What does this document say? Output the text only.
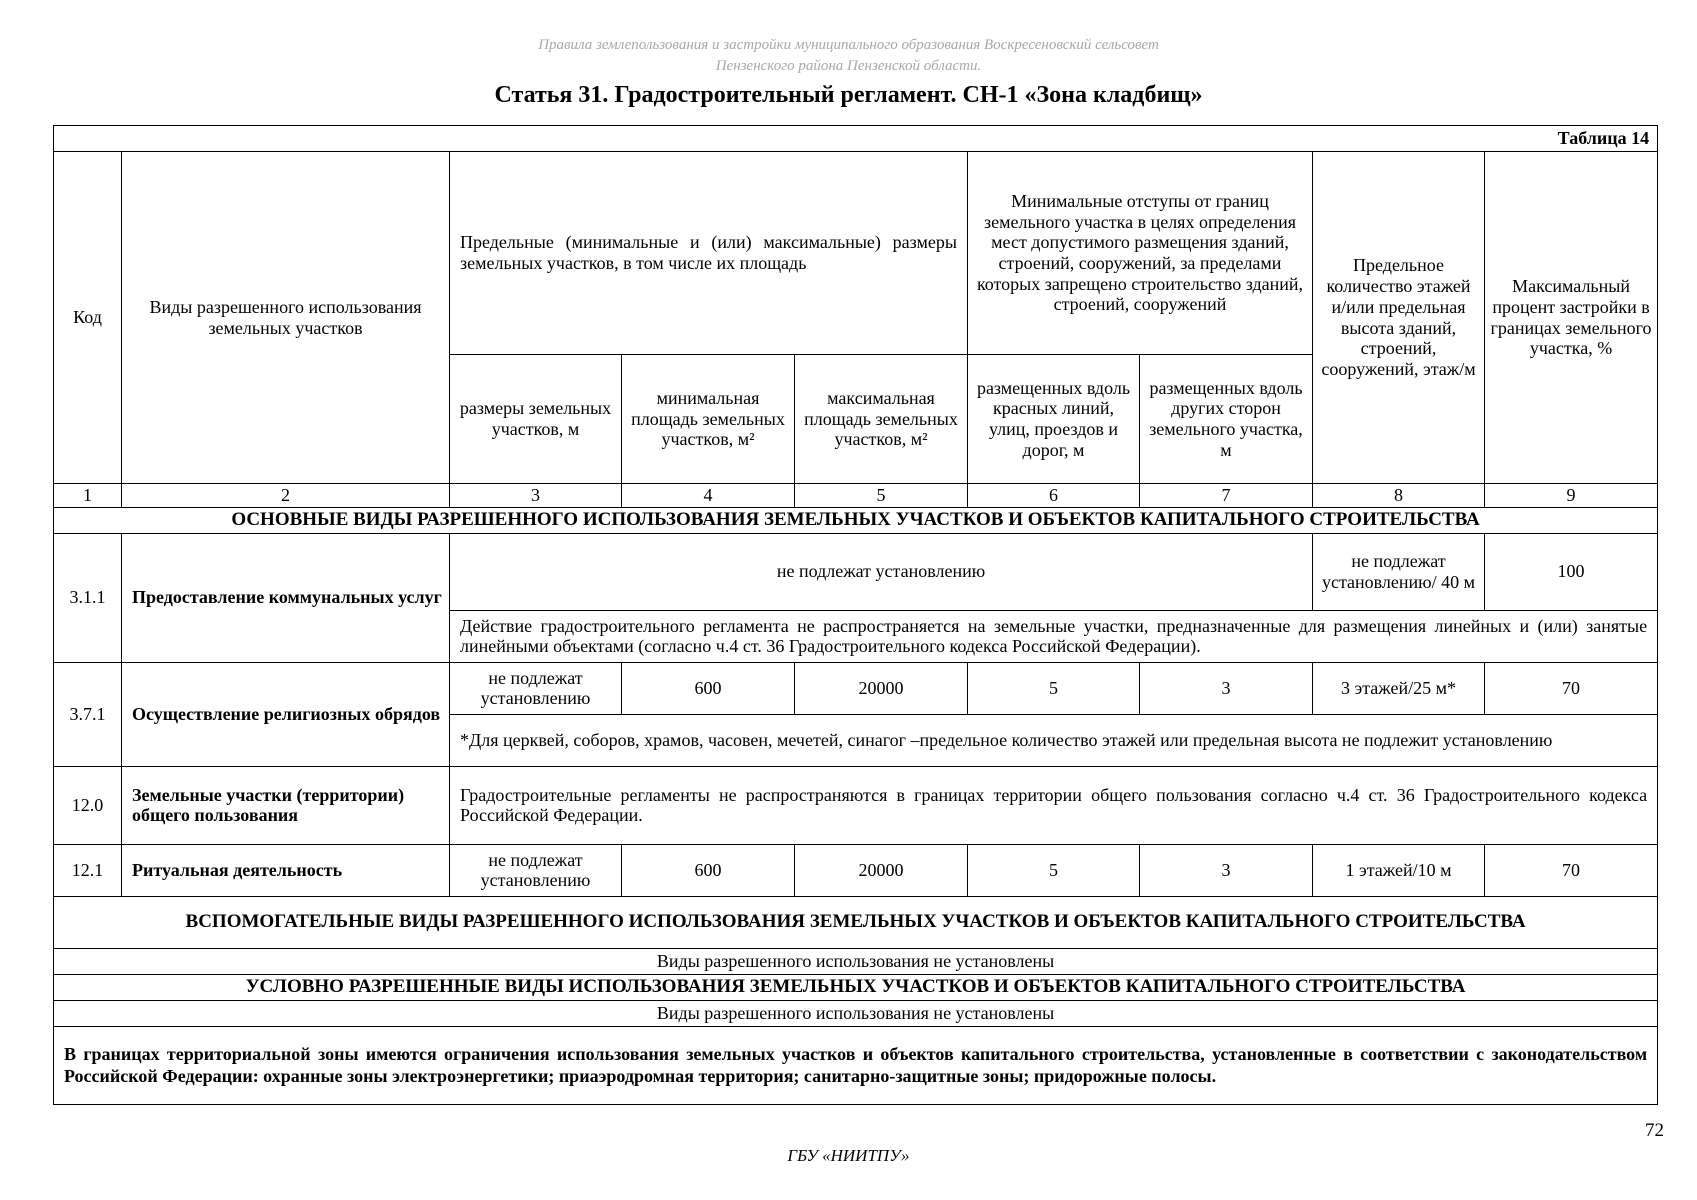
Правила землепользования и застройки муниципального образования Воскресеновский сельсовет
Пензенского района Пензенской области.
Статья 31. Градостроительный регламент. СН-1 «Зона кладбищ»
Таблица 14								
Код	Виды разрешенного использования земельных участков	Предельные (минимальные и (или) максимальные) размеры земельных участков, в том числе их площадь			Минимальные отступы от границ земельного участка в целях определения мест допустимого размещения зданий, строений, сооружений, за пределами которых запрещено строительство зданий, строений, сооружений		Предельное количество этажей и/или предельная высота зданий, строений, сооружений, этаж/м	Максимальный процент застройки в границах земельного участка, %
		размеры земельных участков, м	минимальная площадь земельных участков, м²	максимальная площадь земельных участков, м²	размещенных вдоль красных линий, улиц, проездов и дорог, м	размещенных вдоль других сторон земельного участка, м		
1	2	3	4	5	6	7	8	9
ОСНОВНЫЕ ВИДЫ РАЗРЕШЕННОГО ИСПОЛЬЗОВАНИЯ ЗЕМЕЛЬНЫХ УЧАСТКОВ И ОБЪЕКТОВ КАПИТАЛЬНОГО СТРОИТЕЛЬСТВА								
3.1.1	Предоставление коммунальных услуг	не подлежат установлению					не подлежат установлению/ 40 м	100
		Действие градостроительного регламента не распространяется на земельные участки, предназначенные для размещения линейных и (или) занятые линейными объектами (согласно ч.4 ст. 36 Градостроительного кодекса Российской Федерации).						
3.7.1	Осуществление религиозных обрядов	не подлежат установлению	600	20000	5	3	3 этажей/25 м*	70
		*Для церквей, соборов, храмов, часовен, мечетей, синагог –предельное количество этажей или предельная высота не подлежит установлению						
12.0	Земельные участки (территории) общего пользования	Градостроительные регламенты не распространяются в границах территории общего пользования согласно ч.4 ст. 36 Градостроительного кодекса Российской Федерации.						
12.1	Ритуальная деятельность	не подлежат установлению	600	20000	5	3	1 этажей/10 м	70
ВСПОМОГАТЕЛЬНЫЕ ВИДЫ РАЗРЕШЕННОГО ИСПОЛЬЗОВАНИЯ ЗЕМЕЛЬНЫХ УЧАСТКОВ И ОБЪЕКТОВ КАПИТАЛЬНОГО СТРОИТЕЛЬСТВА								
Виды разрешенного использования не установлены								
УСЛОВНО РАЗРЕШЕННЫЕ ВИДЫ ИСПОЛЬЗОВАНИЯ ЗЕМЕЛЬНЫХ УЧАСТКОВ И ОБЪЕКТОВ КАПИТАЛЬНОГО СТРОИТЕЛЬСТВА								
Виды разрешенного использования не установлены								
В границах территориальной зоны имеются ограничения использования земельных участков и объектов капитального строительства, установленные в соответствии с законодательством Российской Федерации: охранные зоны электроэнергетики; приаэродромная территория; санитарно-защитные зоны; придорожные полосы.								
72
ГБУ «НИИТПУ»
